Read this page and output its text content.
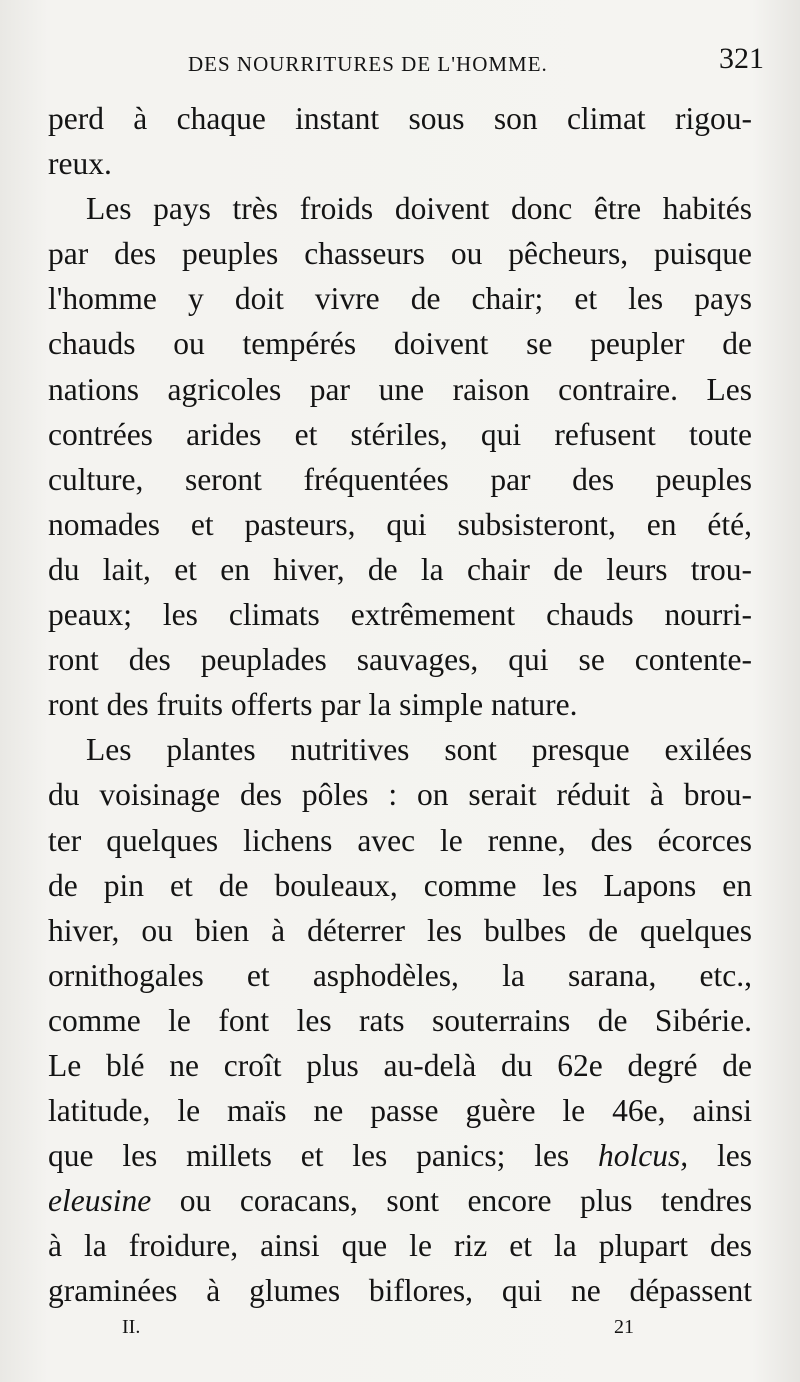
DES NOURRITURES DE L'HOMME.	321
perd à chaque instant sous son climat rigou-
reux.
Les pays très froids doivent donc être habités
par des peuples chasseurs ou pêcheurs, puisque
l'homme y doit vivre de chair; et les pays
chauds ou tempérés doivent se peupler de
nations agricoles par une raison contraire. Les
contrées arides et stériles, qui refusent toute
culture, seront fréquentées par des peuples
nomades et pasteurs, qui subsisteront, en été,
du lait, et en hiver, de la chair de leurs trou-
peaux; les climats extrêmement chauds nourri-
ront des peuplades sauvages, qui se contente-
ront des fruits offerts par la simple nature.
Les plantes nutritives sont presque exilées
du voisinage des pôles : on serait réduit à brou-
ter quelques lichens avec le renne, des écorces
de pin et de bouleaux, comme les Lapons en
hiver, ou bien à déterrer les bulbes de quelques
ornithogales et asphodèles, la sarana, etc.,
comme le font les rats souterrains de Sibérie.
Le blé ne croît plus au-delà du 62e degré de
latitude, le maïs ne passe guère le 46e, ainsi
que les millets et les panics; les holcus, les
eleusine ou coracans, sont encore plus tendres
à la froidure, ainsi que le riz et la plupart des
graminées à glumes biflores, qui ne dépassent
II.	21
